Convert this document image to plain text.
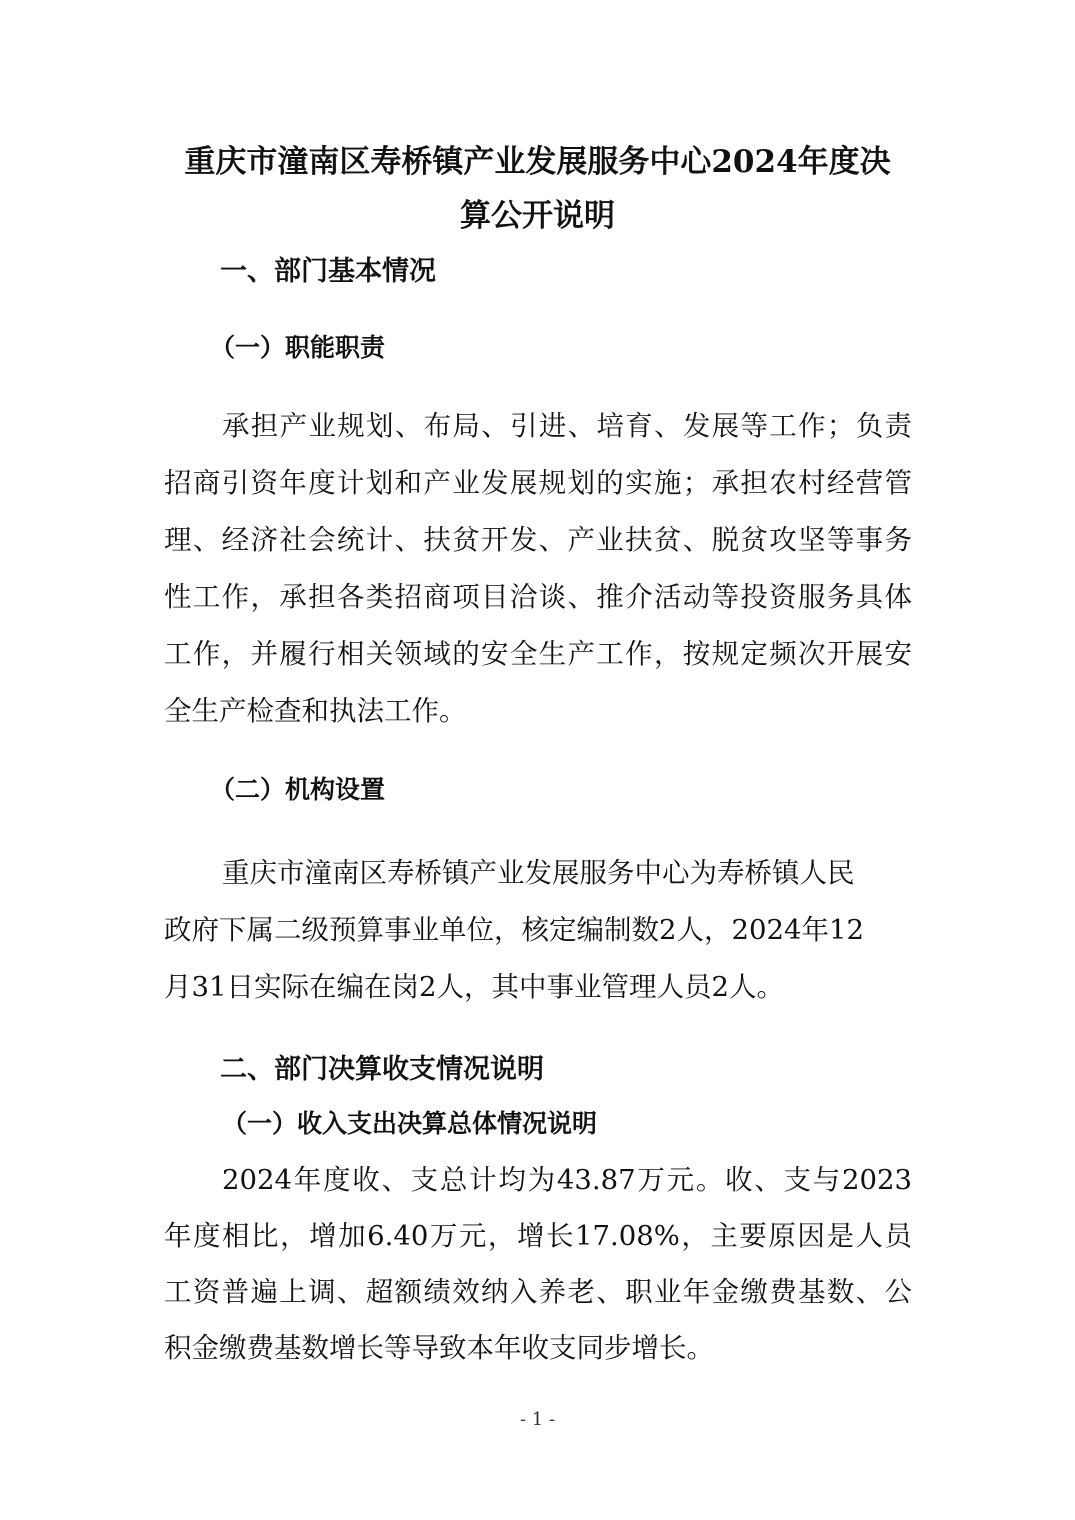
重庆市潼南区寿桥镇产业发展服务中心2024年度决
算公开说明
一、部门基本情况
（一）职能职责
承担产业规划、布局、引进、培育、发展等工作；负责
招商引资年度计划和产业发展规划的实施；承担农村经营管
理、经济社会统计、扶贫开发、产业扶贫、脱贫攻坚等事务
性工作，承担各类招商项目洽谈、推介活动等投资服务具体
工作，并履行相关领域的安全生产工作，按规定频次开展安
全生产检查和执法工作。
（二）机构设置
重庆市潼南区寿桥镇产业发展服务中心为寿桥镇人民
政府下属二级预算事业单位，核定编制数2人，2024年12
月31日实际在编在岗2人，其中事业管理人员2人。
二、部门决算收支情况说明
（一）收入支出决算总体情况说明
2024年度收、支总计均为43.87万元。收、支与2023
年度相比，增加6.40万元，增长17.08%，主要原因是人员
工资普遍上调、超额绩效纳入养老、职业年金缴费基数、公
积金缴费基数增长等导致本年收支同步增长。
- 1 -
